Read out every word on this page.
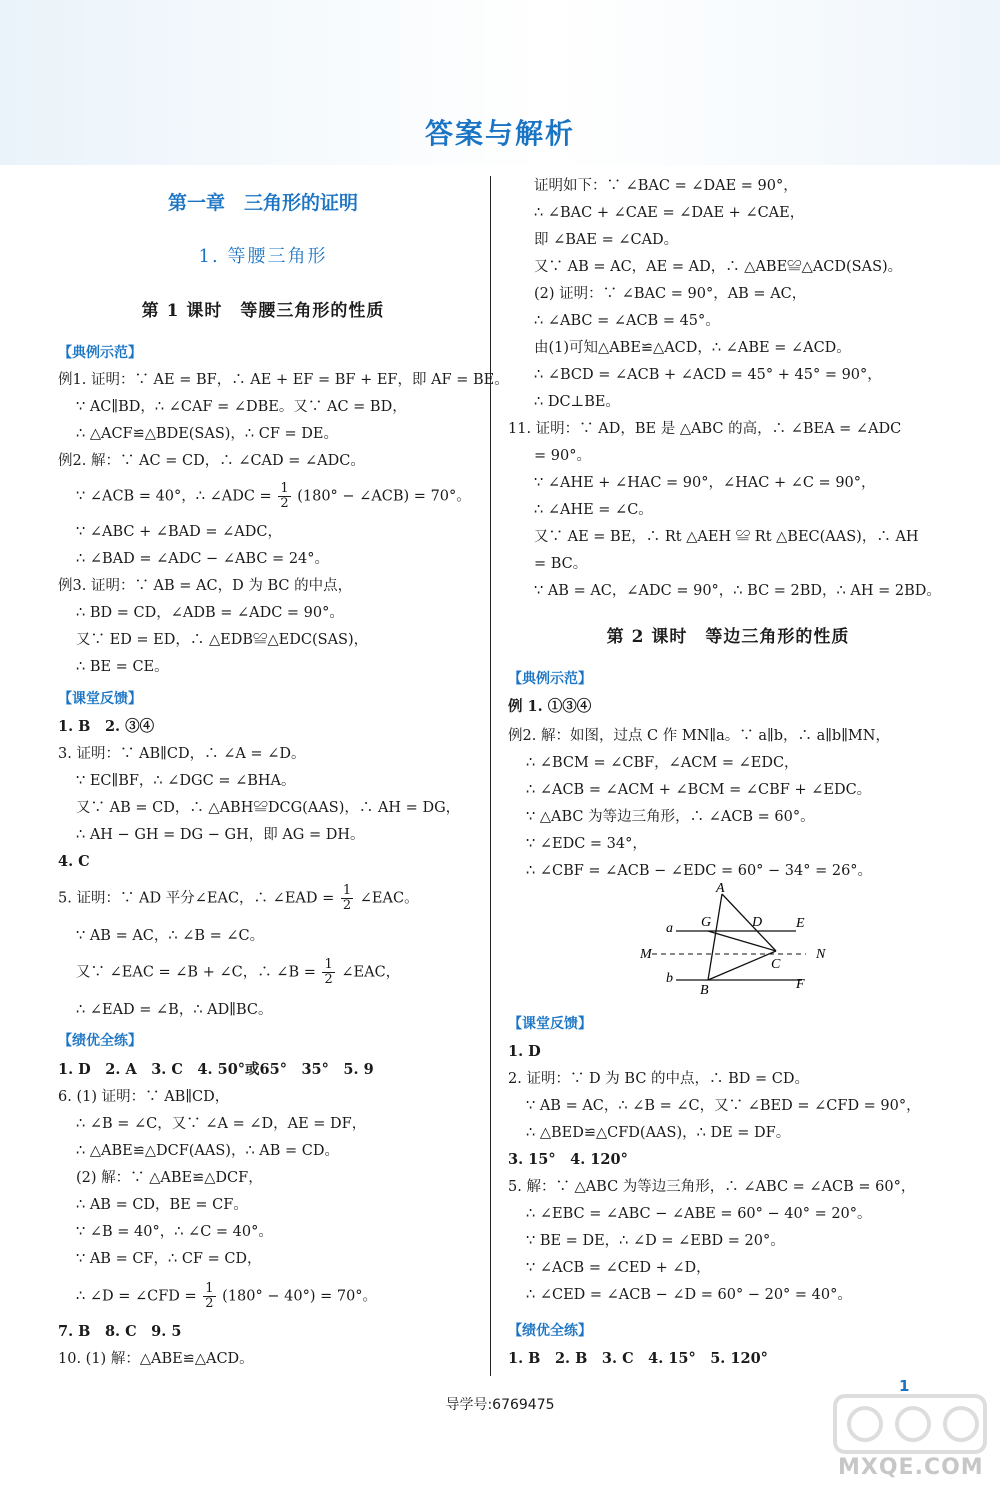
答案与解析
第一章　三角形的证明
1. 等腰三角形
第 1 课时　等腰三角形的性质
【典例示范】
例1. 证明：∵ AE = BF，∴ AE + EF = BF + EF，即 AF = BE。
∵ AC∥BD，∴ ∠CAF = ∠DBE。又∵ AC = BD，
∴ △ACF≌△BDE(SAS)，∴ CF = DE。
例2. 解：∵ AC = CD，∴ ∠CAD = ∠ADC。
∵ ∠ACB = 40°，∴ ∠ADC = $\frac{1}{2} (180^\circ$ − ∠ACB) = 70°。
∵ ∠ABC + ∠BAD = ∠ADC，
∴ ∠BAD = ∠ADC − ∠ABC = 24°。
例3. 证明：∵ AB = AC，D 为 BC 的中点，
∴ BD = CD，∠ADB = ∠ADC = 90°。
又∵ ED = ED，∴ △EDB≌△EDC(SAS)，
∴ BE = CE。
【课堂反馈】
1. B　2. ③④
3. 证明：∵ AB∥CD，∴ ∠A = ∠D。
∵ EC∥BF，∴ ∠DGC = ∠BHA。
又∵ AB = CD，∴ △ABH≌DCG(AAS)，∴ AH = DG，
∴ AH − GH = DG − GH，即 AG = DH。
4. C
5. 证明：∵ AD 平分∠EAC，∴ ∠EAD = $\frac{1}{2}$ ∠EAC。
∵ AB = AC，∴ ∠B = ∠C。
又∵ ∠EAC = ∠B + ∠C，∴ ∠B = $\frac{1}{2}$ ∠EAC，
∴ ∠EAD = ∠B，∴ AD∥BC。
【绩优全练】
1. D　2. A　3. C　4. 50°或65°　35°　5. 9
6. (1) 证明：∵ AB∥CD，
∴ ∠B = ∠C，又∵ ∠A = ∠D，AE = DF，
∴ △ABE≌△DCF(AAS)，∴ AB = CD。
(2) 解：∵ △ABE≌△DCF，
∴ AB = CD，BE = CF。
∵ ∠B = 40°，∴ ∠C = 40°。
∵ AB = CF，∴ CF = CD，
∴ ∠D = ∠CFD = $\frac{1}{2} (180^\circ - 40^\circ) = 70^\circ$。
7. B　8. C　9. 5
10. (1) 解：△ABE≌△ACD。
证明如下：∵ ∠BAC = ∠DAE = 90°，
∴ ∠BAC + ∠CAE = ∠DAE + ∠CAE，
即 ∠BAE = ∠CAD。
又∵ AB = AC，AE = AD，∴ △ABE≌△ACD(SAS)。
(2) 证明：∵ ∠BAC = 90°，AB = AC，
∴ ∠ABC = ∠ACB = 45°。
由(1)可知△ABE≌△ACD，∴ ∠ABE = ∠ACD。
∴ ∠BCD = ∠ACB + ∠ACD = 45° + 45° = 90°，
∴ DC⊥BE。
11. 证明：∵ AD，BE 是 △ABC 的高，∴ ∠BEA = ∠ADC
= 90°。
∵ ∠AHE + ∠HAC = 90°，∠HAC + ∠C = 90°，
∴ ∠AHE = ∠C。
又∵ AE = BE，∴ Rt △AEH ≌ Rt △BEC(AAS)，∴ AH
= BC。
∵ AB = AC，∠ADC = 90°，∴ BC = 2BD，∴ AH = 2BD。
第 2 课时　等边三角形的性质
【典例示范】
例 1. ①③④
例2. 解：如图，过点 C 作 MN∥a。∵ a∥b，∴ a∥b∥MN，
∴ ∠BCM = ∠CBF，∠ACM = ∠EDC，
∴ ∠ACB = ∠ACM + ∠BCM = ∠CBF + ∠EDC。
∵ △ABC 为等边三角形，∴ ∠ACB = 60°。
∵ ∠EDC = 34°，
∴ ∠CBF = ∠ACB − ∠EDC = 60° − 34° = 26°。
A
G	D E
a
M	N
C
b
B	F
【课堂反馈】
1. D
2. 证明：∵ D 为 BC 的中点，∴ BD = CD。
∵ AB = AC，∴ ∠B = ∠C，又∵ ∠BED = ∠CFD = 90°，
∴ △BED≌△CFD(AAS)，∴ DE = DF。
3. 15°　4. 120°
5. 解：∵ △ABC 为等边三角形，∴ ∠ABC = ∠ACB = 60°，
∴ ∠EBC = ∠ABC − ∠ABE = 60° − 40° = 20°。
∵ BE = DE，∴ ∠D = ∠EBD = 20°。
∵ ∠ACB = ∠CED + ∠D，
∴ ∠CED = ∠ACB − ∠D = 60° − 20° = 40°。
【绩优全练】
1. B　2. B　3. C　4. 15°　5. 120°
导学号:6769475
1
MXQE.COM
